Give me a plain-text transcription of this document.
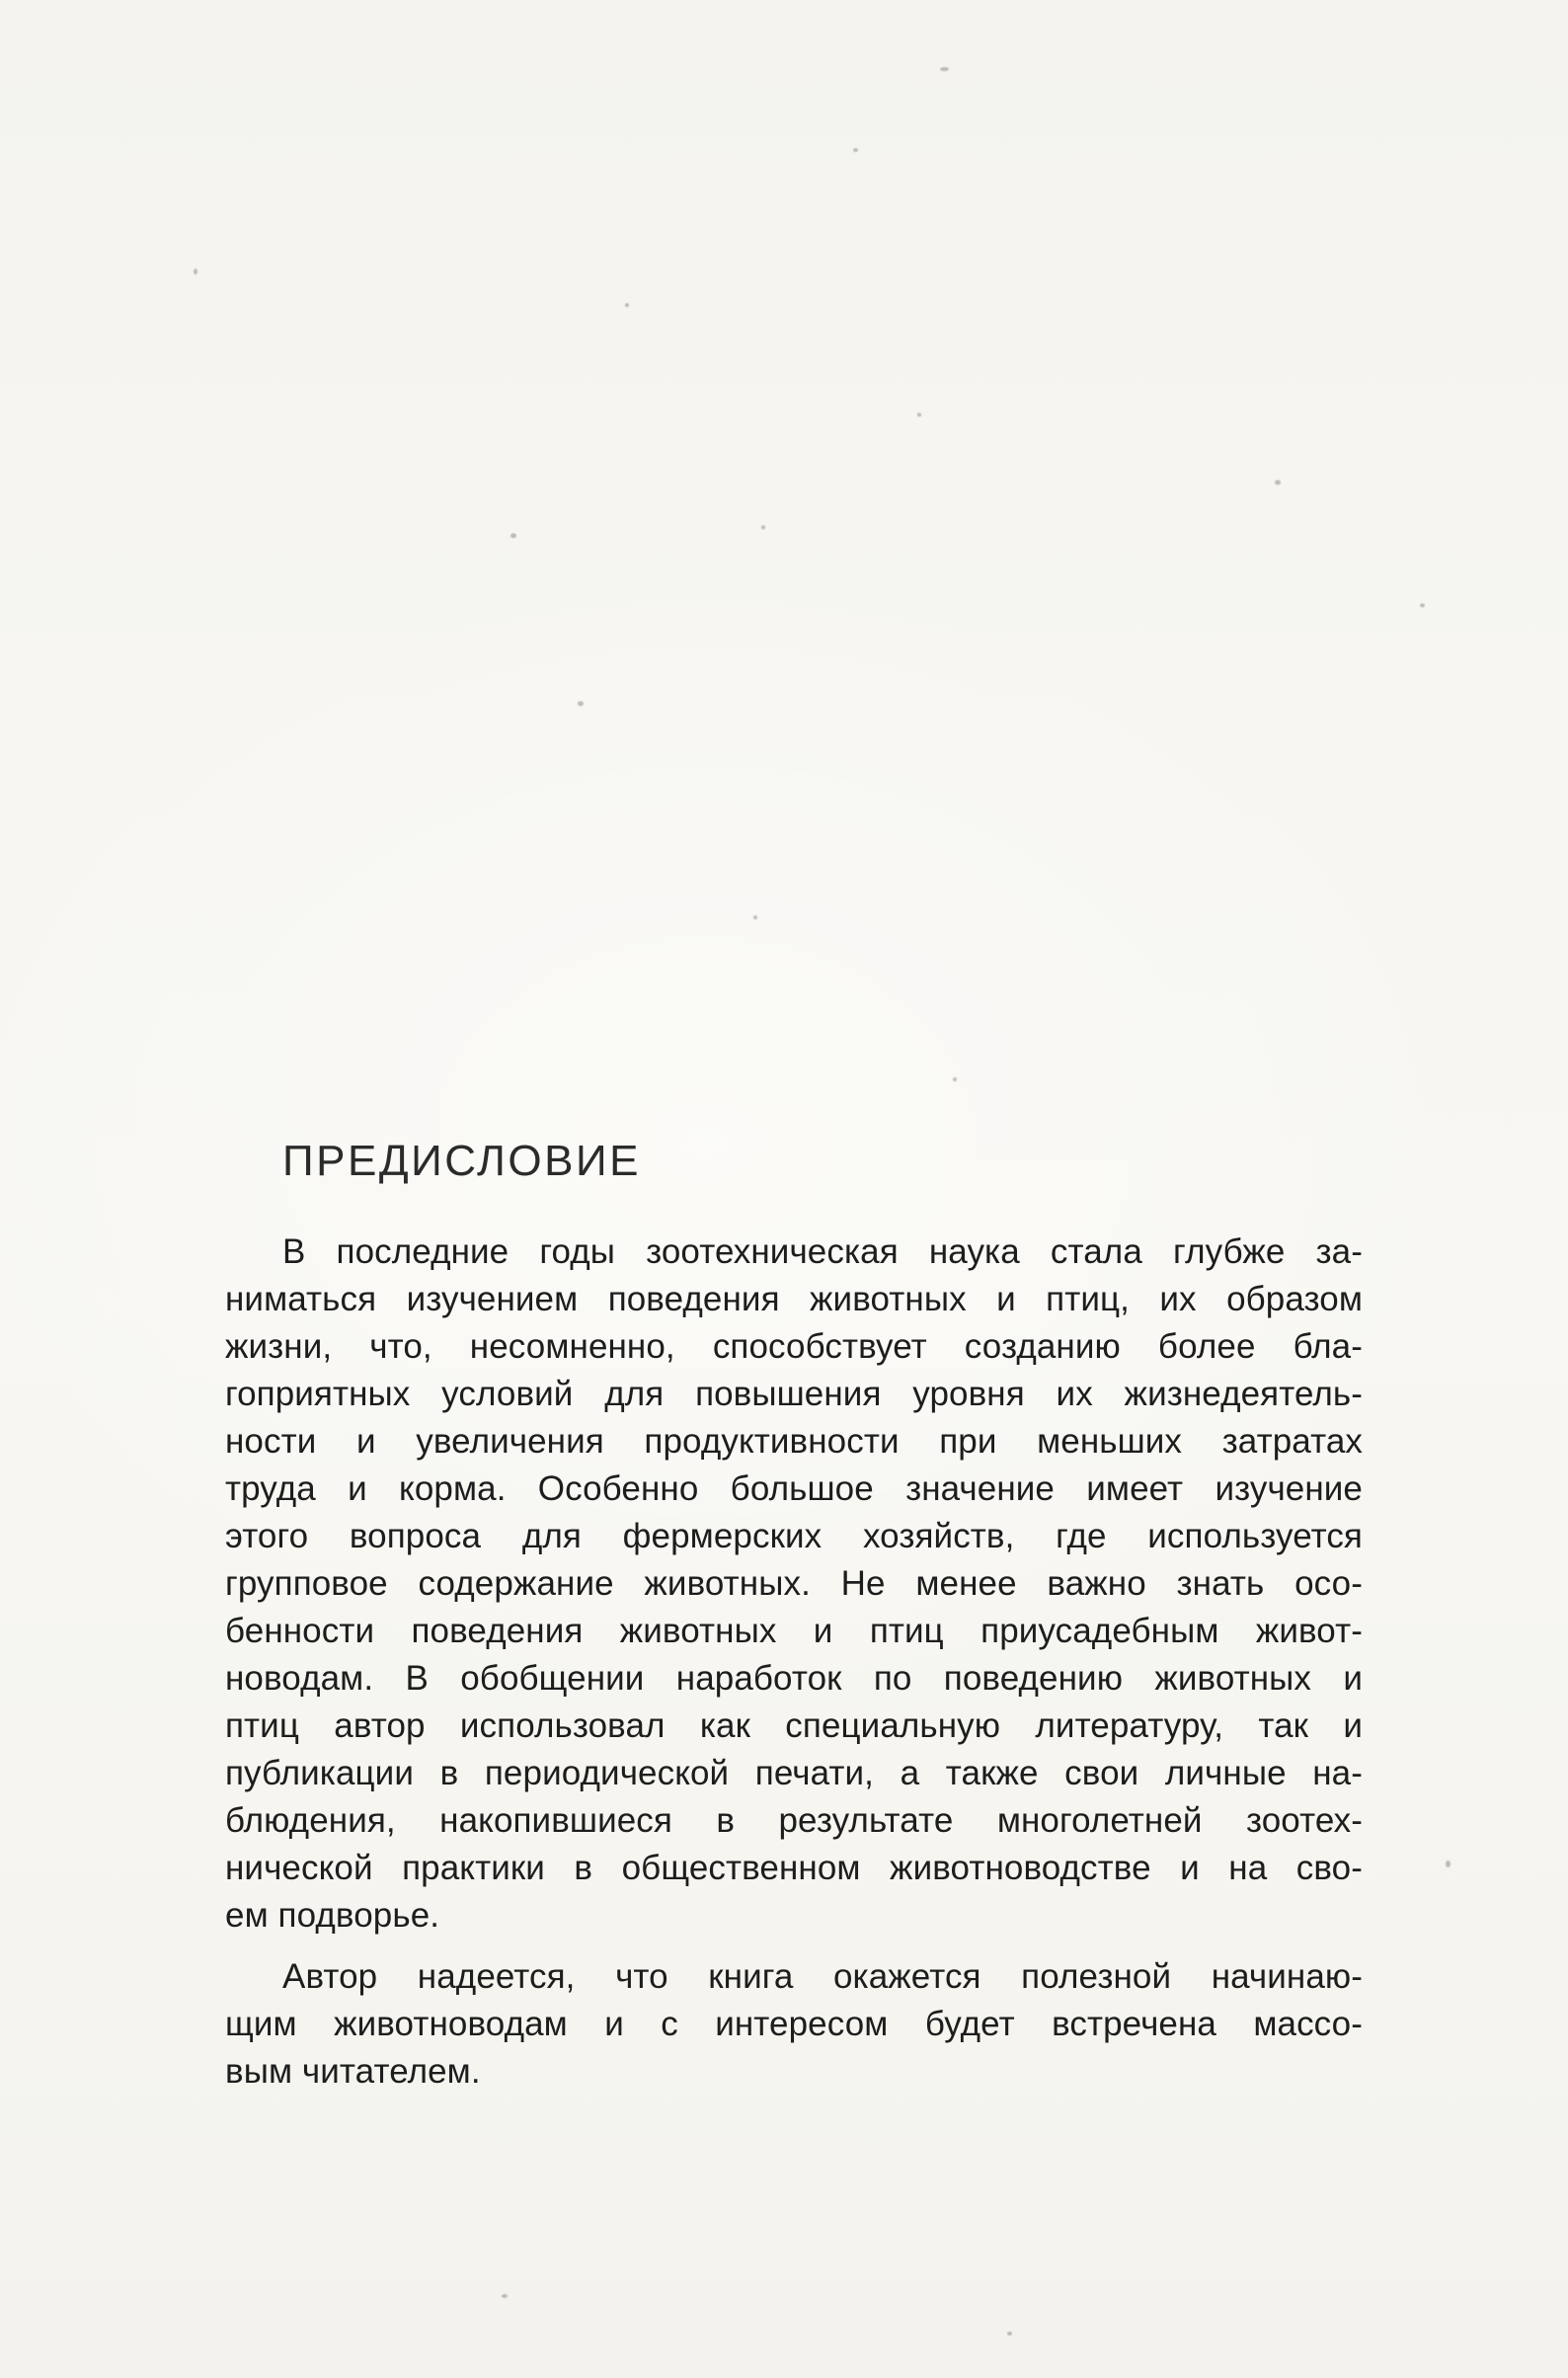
ПРЕДИСЛОВИЕ
В последние годы зоотехническая наука стала глубже за-
ниматься изучением поведения животных и птиц, их образом
жизни, что, несомненно, способствует созданию более бла-
гоприятных условий для повышения уровня их жизнедеятель-
ности и увеличения продуктивности при меньших затратах
труда и корма. Особенно большое значение имеет изучение
этого вопроса для фермерских хозяйств, где используется
групповое содержание животных. Не менее важно знать осо-
бенности поведения животных и птиц приусадебным живот-
новодам. В обобщении наработок по поведению животных и
птиц автор использовал как специальную литературу, так и
публикации в периодической печати, а также свои личные на-
блюдения, накопившиеся в результате многолетней зоотех-
нической практики в общественном животноводстве и на сво-
ем подворье.
Автор надеется, что книга окажется полезной начинаю-
щим животноводам и с интересом будет встречена массо-
вым читателем.
